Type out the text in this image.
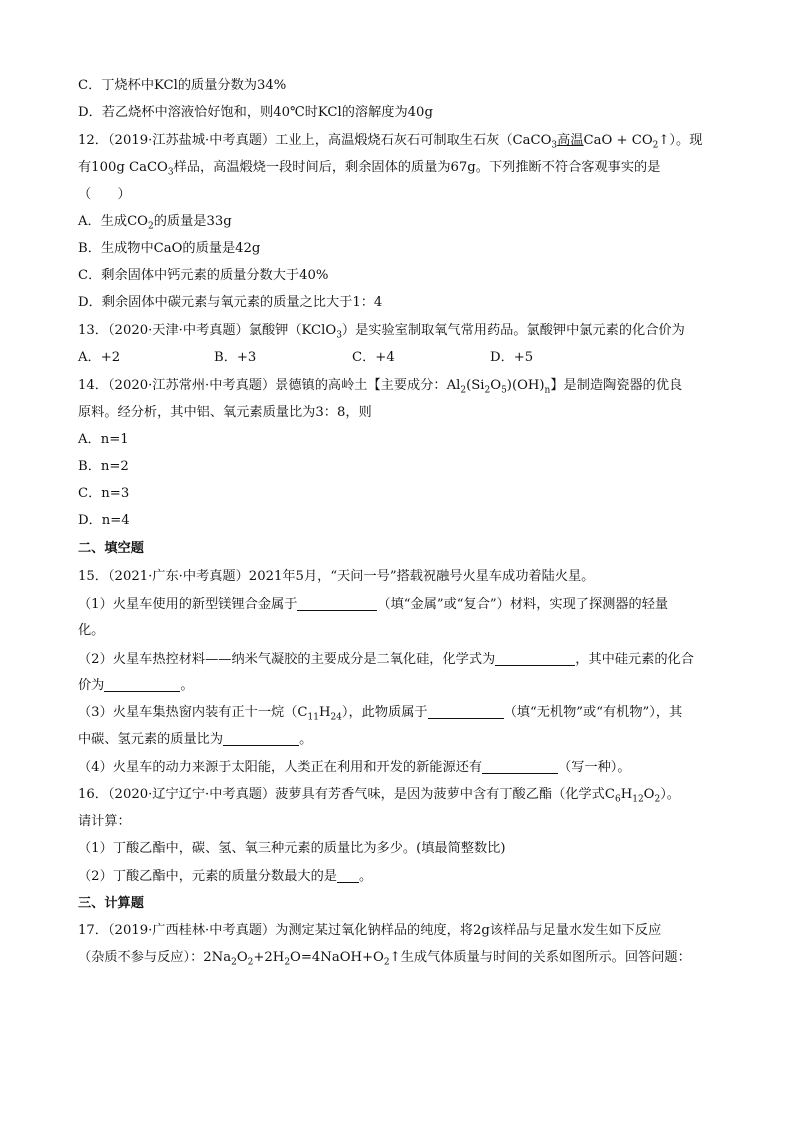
C．丁烧杯中KCl的质量分数为34%
D．若乙烧杯中溶液恰好饱和，则40℃时KCl的溶解度为40g
12．（2019·江苏盐城·中考真题）工业上，高温煅烧石灰石可制取生石灰（CaCO$_3$高温CaO + $CO_2↑$）。现
有100g CaCO$_3$样品，高温煅烧一段时间后，剩余固体的质量为67g。下列推断不符合客观事实的是
（　　）
A．生成$CO_2$的质量是33g
B．生成物中CaO的质量是42g
C．剩余固体中钙元素的质量分数大于40%
D．剩余固体中碳元素与氧元素的质量之比大于1：4
13．（2020·天津·中考真题）氯酸钾（KClO$_3$）是实验室制取氧气常用药品。氯酸钾中氯元素的化合价为
A．+2	B．+3	C．+4	D．+5
14．（2020·江苏常州·中考真题）景德镇的高岭土【主要成分：$Al_2(Si_2O_5)(OH)_n$】是制造陶瓷器的优良
原料。经分析，其中铝、氧元素质量比为3：8，则
A．n=1
B．n=2
C．n=3
D．n=4
二、填空题
15．（2021·广东·中考真题）2021年5月，“天问一号”搭载祝融号火星车成功着陆火星。
（1）火星车使用的新型镁锂合金属于	（填“金属”或“复合”）材料，实现了探测器的轻量
化。
（2）火星车热控材料——纳米气凝胶的主要成分是二氧化硅，化学式为	，其中硅元素的化合
价为	。
（3）火星车集热窗内装有正十一烷$(C_{11}H_{24})$，此物质属于	（填“无机物”或“有机物”），其
中碳、氢元素的质量比为	。
（4）火星车的动力来源于太阳能，人类正在利用和开发的新能源还有	（写一种）。
16．（2020·辽宁辽宁·中考真题）菠萝具有芳香气味，是因为菠萝中含有丁酸乙酯（化学式$C_6H_{12}O_2$）。
请计算：
（1）丁酸乙酯中，碳、氢、氧三种元素的质量比为多少。(填最简整数比)
（2）丁酸乙酯中，元素的质量分数最大的是 。
三、计算题
17．（2019·广西桂林·中考真题）为测定某过氧化钠样品的纯度，将2g该样品与足量水发生如下反应
（杂质不参与反应）：$2Na_2O_2+2H_2O=4NaOH+O_2↑$生成气体质量与时间的关系如图所示。回答问题：
